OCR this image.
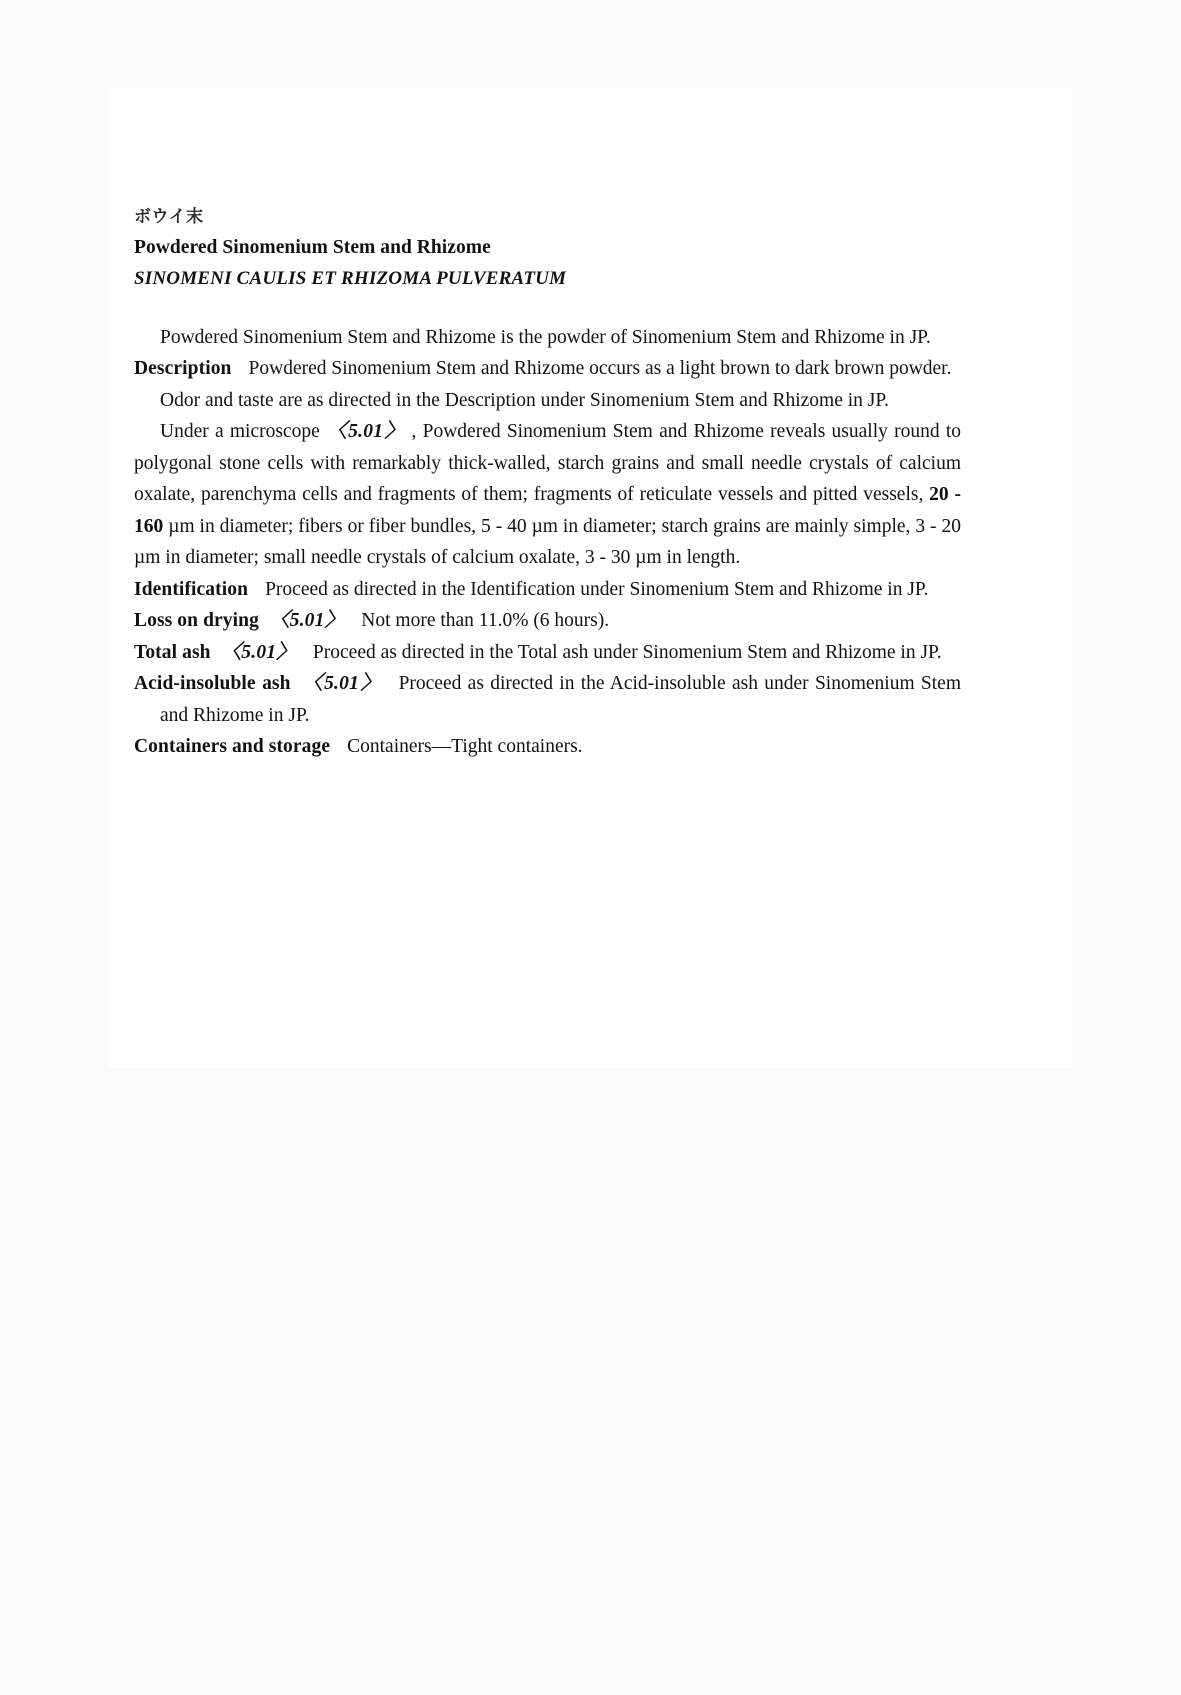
ボウイ末
Powdered Sinomenium Stem and Rhizome
SINOMENI CAULIS ET RHIZOMA PULVERATUM

Powdered Sinomenium Stem and Rhizome is the powder of Sinomenium Stem and Rhizome in JP.

Description Powdered Sinomenium Stem and Rhizome occurs as a light brown to dark brown powder.

Odor and taste are as directed in the Description under Sinomenium Stem and Rhizome in JP.

Under a microscope 〈5.01〉 , Powdered Sinomenium Stem and Rhizome reveals usually round to polygonal stone cells with remarkably thick-walled, starch grains and small needle crystals of calcium oxalate, parenchyma cells and fragments of them; fragments of reticulate vessels and pitted vessels, 20 - 160 µm in diameter; fibers or fiber bundles, 5 - 40 µm in diameter; starch grains are mainly simple, 3 - 20 µm in diameter; small needle crystals of calcium oxalate, 3 - 30 µm in length.

Identification Proceed as directed in the Identification under Sinomenium Stem and Rhizome in JP.

Loss on drying 〈5.01〉 Not more than 11.0% (6 hours).

Total ash 〈5.01〉 Proceed as directed in the Total ash under Sinomenium Stem and Rhizome in JP.

Acid-insoluble ash 〈5.01〉 Proceed as directed in the Acid-insoluble ash under Sinomenium Stem and Rhizome in JP.

Containers and storage Containers—Tight containers.
